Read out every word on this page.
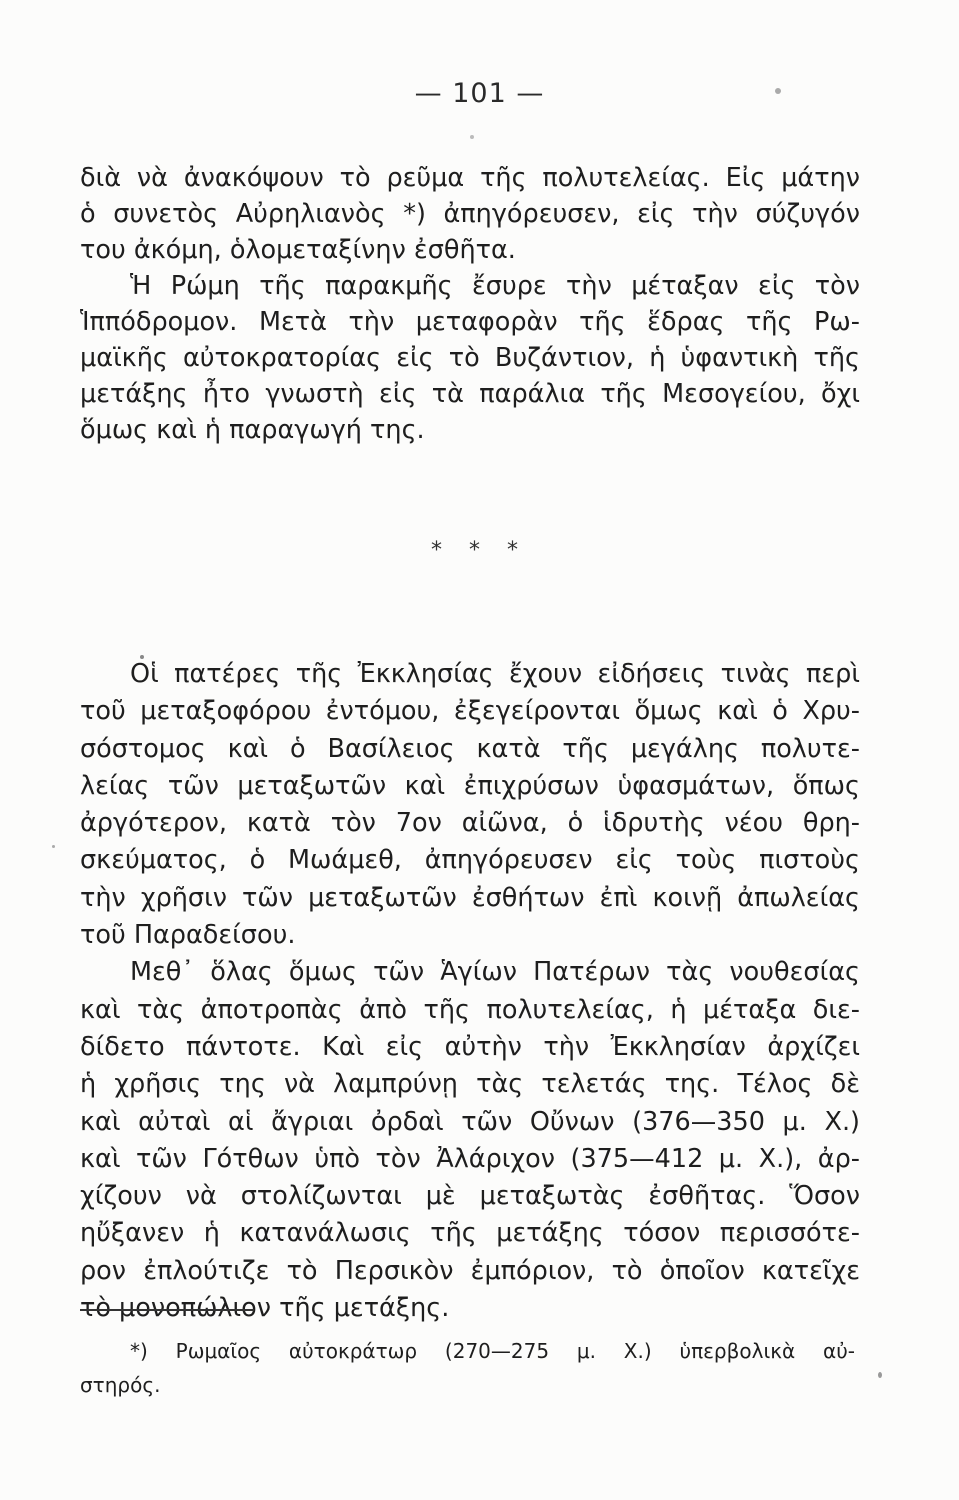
— 101 —
διὰ νὰ ἀνακόψουν τὸ ρεῦμα τῆς πολυτελείας. Εἰς μάτην
ὁ συνετὸς Αὐρηλιανὸς *) ἀπηγόρευσεν, εἰς τὴν σύζυγόν
του ἀκόμη, ὁλομεταξίνην ἐσθῆτα.
Ἡ Ρώμη τῆς παρακμῆς ἔσυρε τὴν μέταξαν εἰς τὸν
Ἱππόδρομον. Μετὰ τὴν μεταφορὰν τῆς ἕδρας τῆς Ρω-
μαϊκῆς αὐτοκρατορίας εἰς τὸ Βυζάντιον, ἡ ὑφαντικὴ τῆς
μετάξης ἦτο γνωστὴ εἰς τὰ παράλια τῆς Μεσογείου, ὄχι
ὅμως καὶ ἡ παραγωγή της.
* * *
Οἱ πατέρες τῆς Ἐκκλησίας ἔχουν εἰδήσεις τινὰς περὶ
τοῦ μεταξοφόρου ἐντόμου, ἐξεγείρονται ὅμως καὶ ὁ Χρυ-
σόστομος καὶ ὁ Βασίλειος κατὰ τῆς μεγάλης πολυτε-
λείας τῶν μεταξωτῶν καὶ ἐπιχρύσων ὑφασμάτων, ὅπως
ἀργότερον, κατὰ τὸν 7ον αἰῶνα, ὁ ἱδρυτὴς νέου θρη-
σκεύματος, ὁ Μωάμεθ, ἀπηγόρευσεν εἰς τοὺς πιστοὺς
τὴν χρῆσιν τῶν μεταξωτῶν ἐσθήτων ἐπὶ κοινῇ ἀπωλείας
τοῦ Παραδείσου.
Μεθ᾽ ὅλας ὅμως τῶν Ἁγίων Πατέρων τὰς νουθεσίας
καὶ τὰς ἀποτροπὰς ἀπὸ τῆς πολυτελείας, ἡ μέταξα διε-
δίδετο πάντοτε. Καὶ εἰς αὐτὴν τὴν Ἐκκλησίαν ἀρχίζει
ἡ χρῆσις της νὰ λαμπρύνῃ τὰς τελετάς της. Τέλος δὲ
καὶ αὐταὶ αἱ ἄγριαι ὀρδαὶ τῶν Οὔνων (376—350 μ. Χ.)
καὶ τῶν Γότθων ὑπὸ τὸν Ἀλάριχον (375—412 μ. Χ.), ἀρ-
χίζουν νὰ στολίζωνται μὲ μεταξωτὰς ἐσθῆτας. Ὅσον
ηὔξανεν ἡ κατανάλωσις τῆς μετάξης τόσον περισσότε-
ρον ἐπλούτιζε τὸ Περσικὸν ἐμπόριον, τὸ ὁποῖον κατεῖχε
τὸ μονοπώλιον τῆς μετάξης.
*) Ρωμαῖος αὐτοκράτωρ (270—275 μ. Χ.) ὑπερβολικὰ αὐ-
στηρός.
